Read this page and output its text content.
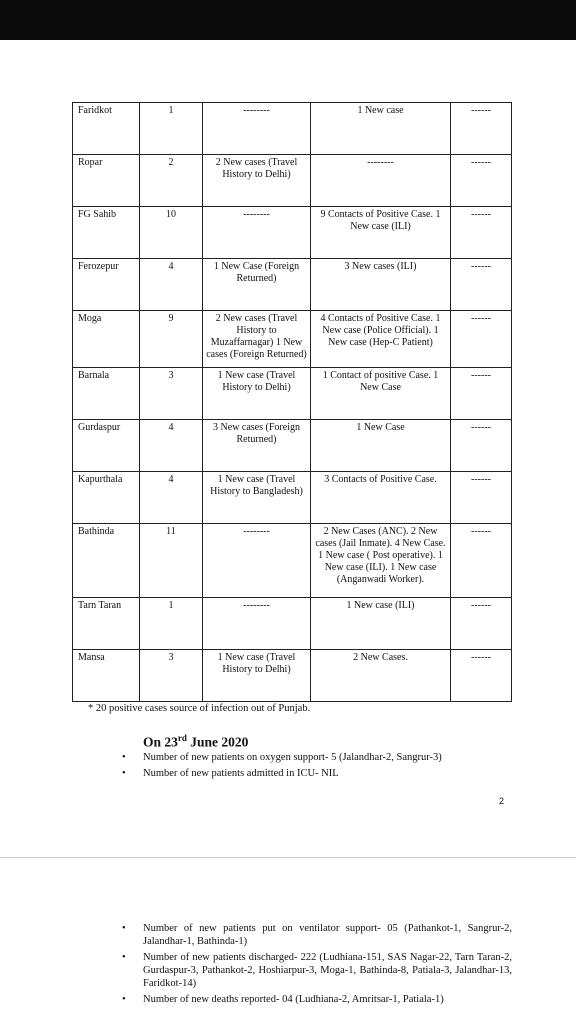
Faridkot	1	--------	1 New case	------
Ropar	2	2 New cases (Travel History to Delhi)	--------	------
FG Sahib	10	--------	9 Contacts of Positive Case. 1 New case (ILI)	------
Ferozepur	4	1 New Case (Foreign Returned)	3 New cases (ILI)	------
Moga	9	2 New cases (Travel History to Muzaffarnagar) 1 New cases (Foreign Returned)	4 Contacts of Positive Case. 1 New case (Police Official). 1 New case (Hep-C Patient)	------
Barnala	3	1 New case (Travel History to Delhi)	1 Contact of positive Case. 1 New Case	------
Gurdaspur	4	3 New cases (Foreign Returned)	1 New Case	------
Kapurthala	4	1 New case (Travel History to Bangladesh)	3 Contacts of Positive Case.	------
Bathinda	11	--------	2 New Cases (ANC). 2 New cases (Jail Inmate). 4 New Case. 1 New case ( Post operative). 1 New case (ILI). 1 New case (Anganwadi Worker).	------
Tarn Taran	1	--------	1 New case (ILI)	------
Mansa	3	1 New case (Travel History to Delhi)	2 New Cases.	------
* 20 positive cases source of infection out of Punjab.
On 23rd June 2020
• Number of new patients on oxygen support- 5 (Jalandhar-2, Sangrur-3)
• Number of new patients admitted in ICU- NIL
2
• Number of new patients put on ventilator support- 05 (Pathankot-1, Sangrur-2, Jalandhar-1, Bathinda-1)
• Number of new patients discharged- 222 (Ludhiana-151, SAS Nagar-22, Tarn Taran-2, Gurdaspur-3, Pathankot-2, Hoshiarpur-3, Moga-1, Bathinda-8, Patiala-3, Jalandhar-13, Faridkot-14)
• Number of new deaths reported- 04 (Ludhiana-2, Amritsar-1, Patiala-1)
